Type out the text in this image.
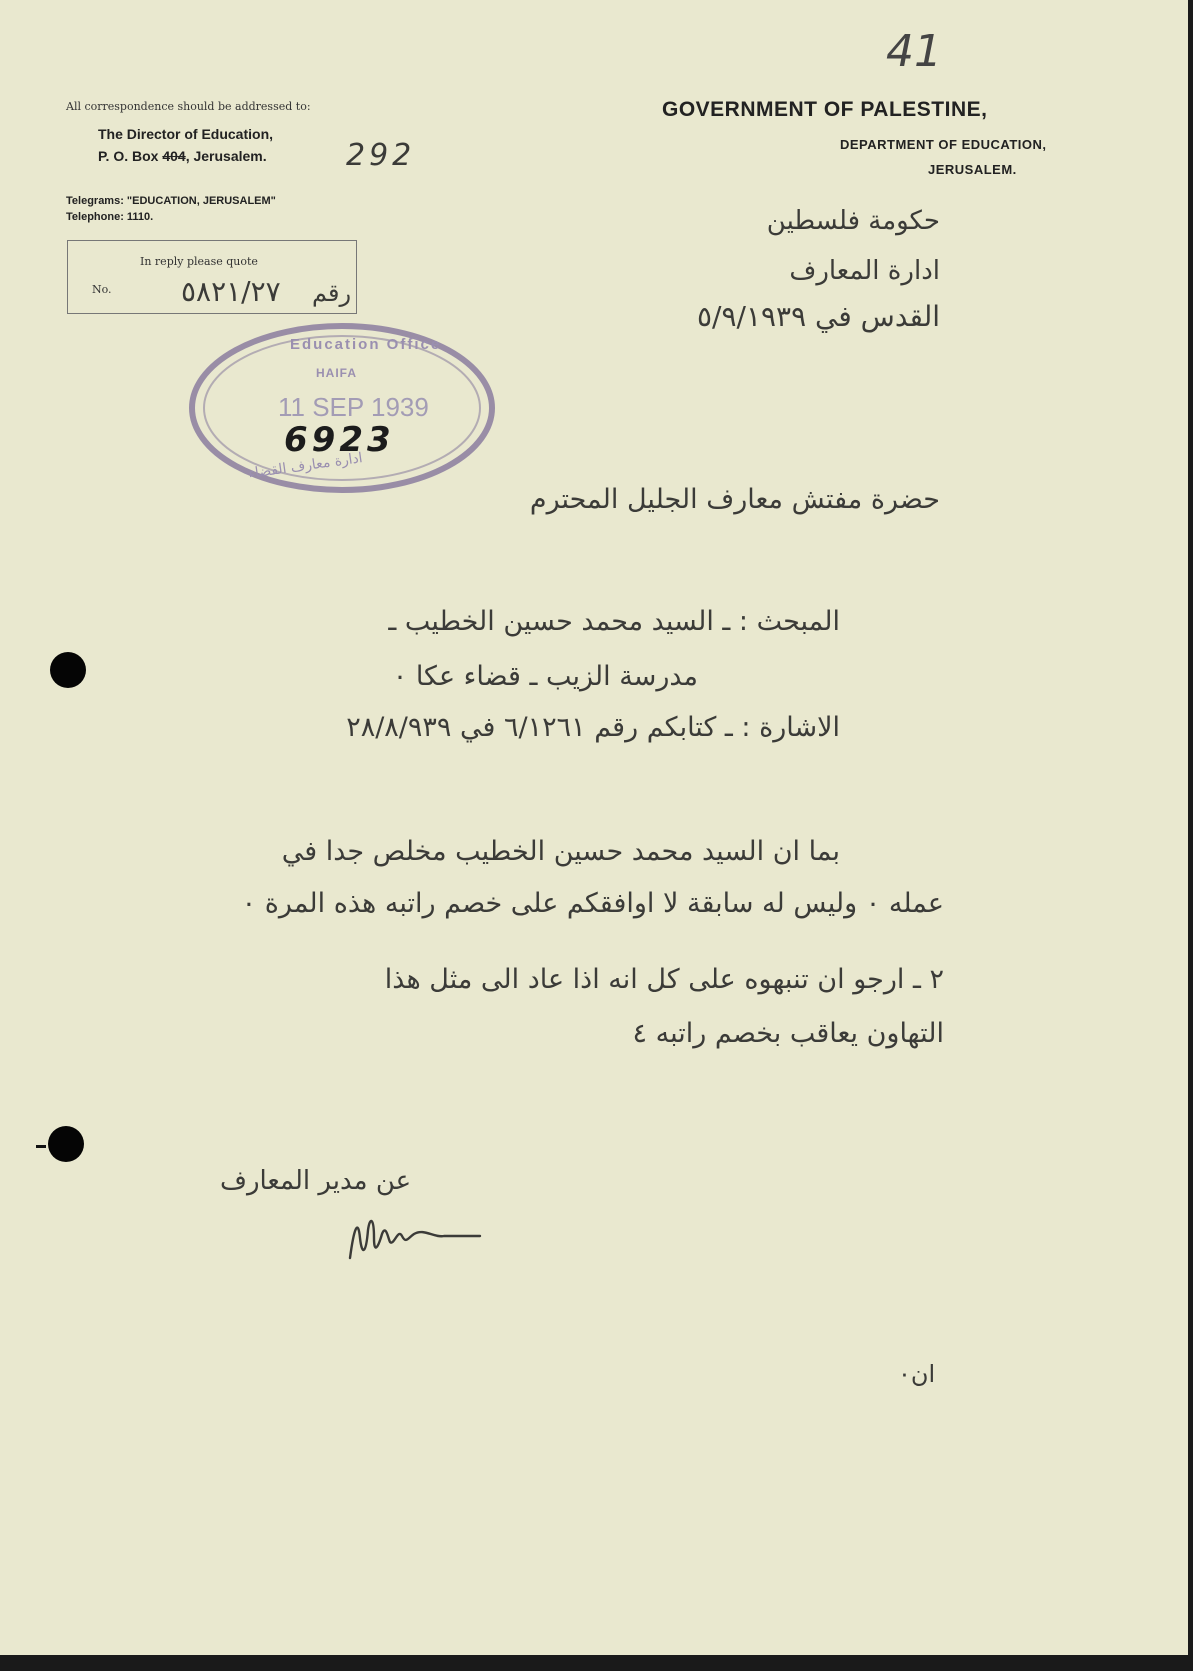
41
All correspondence should be addressed to:
The Director of Education,
P. O. Box 404, Jerusalem.	292
Telegrams: "EDUCATION, JERUSALEM"
Telephone: 1110.
In reply please quote
No. ٥٨٢١/٢٧ رقم
GOVERNMENT OF PALESTINE,
DEPARTMENT OF EDUCATION,
JERUSALEM.
حكومة فلسطين
ادارة المعارف
القدس في ٥/٩/١٩٣٩
Education Office
HAIFA
11 SEP 1939
6923
ادارة معارف القضاء
حضرة مفتش معارف الجليل المحترم
المبحث : ـ السيد محمد حسين الخطيب ـ
مدرسة الزيب ـ قضاء عكا ٠
الاشارة : ـ كتابكم رقم ٦/١٢٦١ في ٢٨/٨/٩٣٩
بما ان السيد محمد حسين الخطيب مخلص جدا في
عمله ٠ وليس له سابقة لا اوافقكم على خصم راتبه هذه المرة ٠
٢ ـ ارجو ان تنبهوه على كل انه اذا عاد الى مثل هذا
التهاون يعاقب بخصم راتبه ٤
عن مدير المعارف
ان٠
